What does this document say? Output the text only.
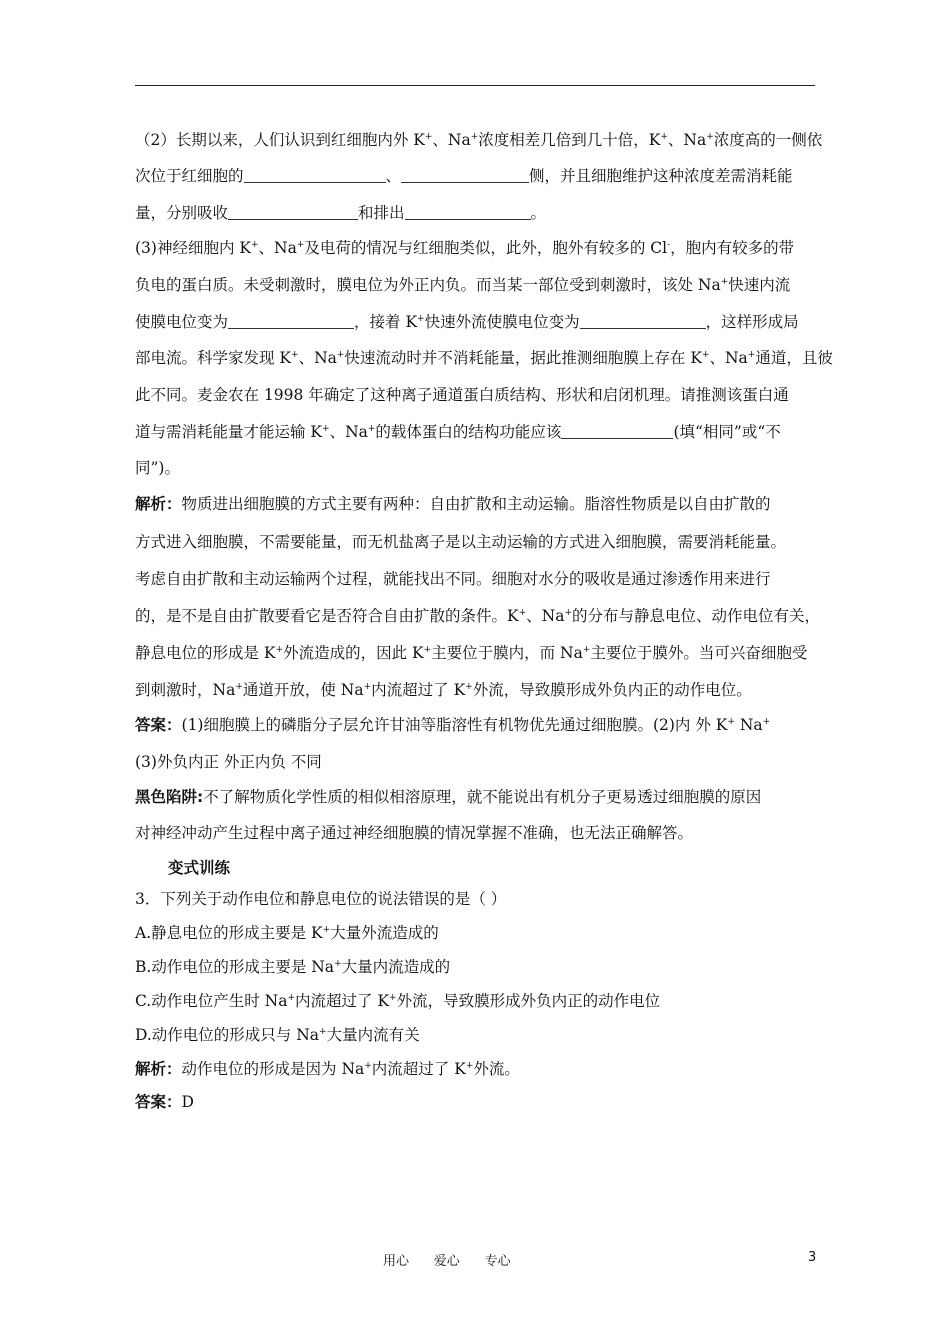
（2）长期以来，人们认识到红细胞内外 K+、Na+浓度相差几倍到几十倍，K+、Na+浓度高的一侧依
次位于红细胞的	、	侧，并且细胞维护这种浓度差需消耗能
量，分别吸收	和排出	。
(3)神经细胞内 K+、Na+及电荷的情况与红细胞类似，此外，胞外有较多的 Cl-，胞内有较多的带
负电的蛋白质。未受刺激时，膜电位为外正内负。而当某一部位受到刺激时，该处 Na+快速内流
使膜电位变为	，接着 K+快速外流使膜电位变为	，这样形成局
部电流。科学家发现 K+、Na+快速流动时并不消耗能量，据此推测细胞膜上存在 K+、Na+通道，且彼
此不同。麦金农在 1998 年确定了这种离子通道蛋白质结构、形状和启闭机理。请推测该蛋白通
道与需消耗能量才能运输 K+、Na+的载体蛋白的结构功能应该	(填“相同”或“不
同”)。
解析：物质进出细胞膜的方式主要有两种：自由扩散和主动运输。脂溶性物质是以自由扩散的
方式进入细胞膜，不需要能量，而无机盐离子是以主动运输的方式进入细胞膜，需要消耗能量。
考虑自由扩散和主动运输两个过程，就能找出不同。细胞对水分的吸收是通过渗透作用来进行
的，是不是自由扩散要看它是否符合自由扩散的条件。K+、Na+的分布与静息电位、动作电位有关，
静息电位的形成是 K+外流造成的，因此 K+主要位于膜内，而 Na+主要位于膜外。当可兴奋细胞受
到刺激时，Na+通道开放，使 Na+内流超过了 K+外流，导致膜形成外负内正的动作电位。
答案：(1)细胞膜上的磷脂分子层允许甘油等脂溶性有机物优先通过细胞膜。(2)内 外 K+ Na+
(3)外负内正 外正内负 不同
黑色陷阱:不了解物质化学性质的相似相溶原理，就不能说出有机分子更易透过细胞膜的原因
对神经冲动产生过程中离子通过神经细胞膜的情况掌握不准确，也无法正确解答。
变式训练
3．下列关于动作电位和静息电位的说法错误的是（ ）
A.静息电位的形成主要是 K+大量外流造成的
B.动作电位的形成主要是 Na+大量内流造成的
C.动作电位产生时 Na+内流超过了 K+外流，导致膜形成外负内正的动作电位
D.动作电位的形成只与 Na+大量内流有关
解析：动作电位的形成是因为 Na+内流超过了 K+外流。
答案：D
用心      爱心      专心	3
